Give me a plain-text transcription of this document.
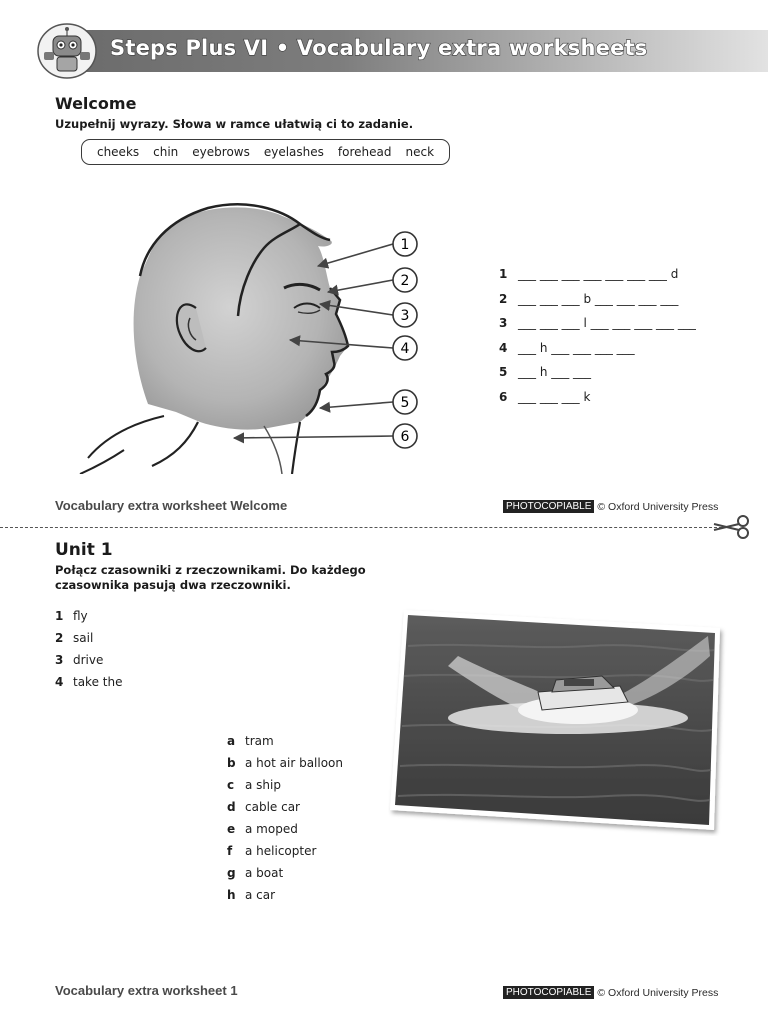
Steps Plus VI • Vocabulary extra worksheets
Welcome
Uzupełnij wyrazy. Słowa w ramce ułatwią ci to zadanie.
cheeks chin eyebrows eyelashes forehead neck
1
2
3
4
5
6
1 ___ ___ ___ ___ ___ ___ ___ d
2 ___ ___ ___ b ___ ___ ___ ___
3 ___ ___ ___ l ___ ___ ___ ___ ___
4 ___ h ___ ___ ___ ___
5 ___ h ___ ___
6 ___ ___ ___ k
Vocabulary extra worksheet Welcome	PHOTOCOPIABLE © Oxford University Press
Unit 1
Połącz czasowniki z rzeczownikami. Do każdego
czasownika pasują dwa rzeczowniki.
1 fly
2 sail
3 drive
4 take the
a tram
b a hot air balloon
c a ship
d cable car
e a moped
f	a helicopter
g a boat
h a car
Vocabulary extra worksheet 1	PHOTOCOPIABLE © Oxford University Press
